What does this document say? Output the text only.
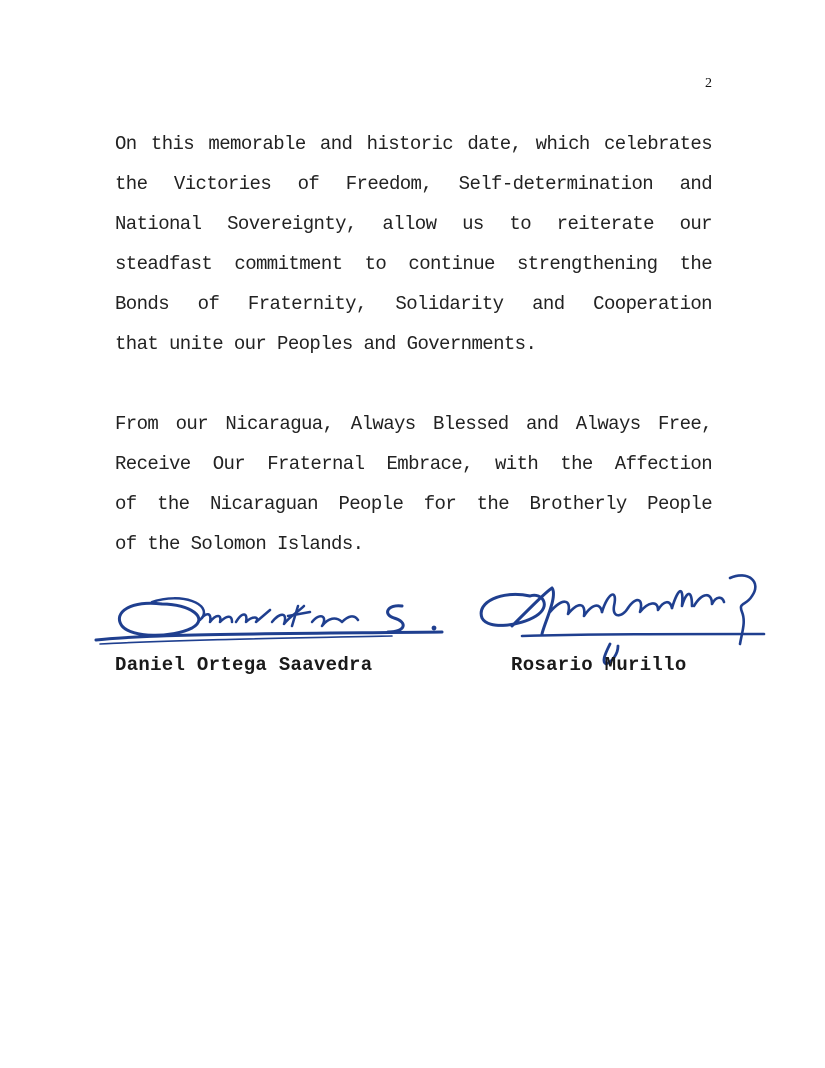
2
On this memorable and historic date, which celebrates
the Victories of Freedom, Self-determination and
National Sovereignty, allow us to reiterate our
steadfast commitment to continue strengthening the
Bonds of Fraternity, Solidarity and Cooperation
that unite our Peoples and Governments.
From our Nicaragua, Always Blessed and Always Free,
Receive Our Fraternal Embrace, with the Affection
of the Nicaraguan People for the Brotherly People
of the Solomon Islands.
Daniel Ortega Saavedra	Rosario Murillo
